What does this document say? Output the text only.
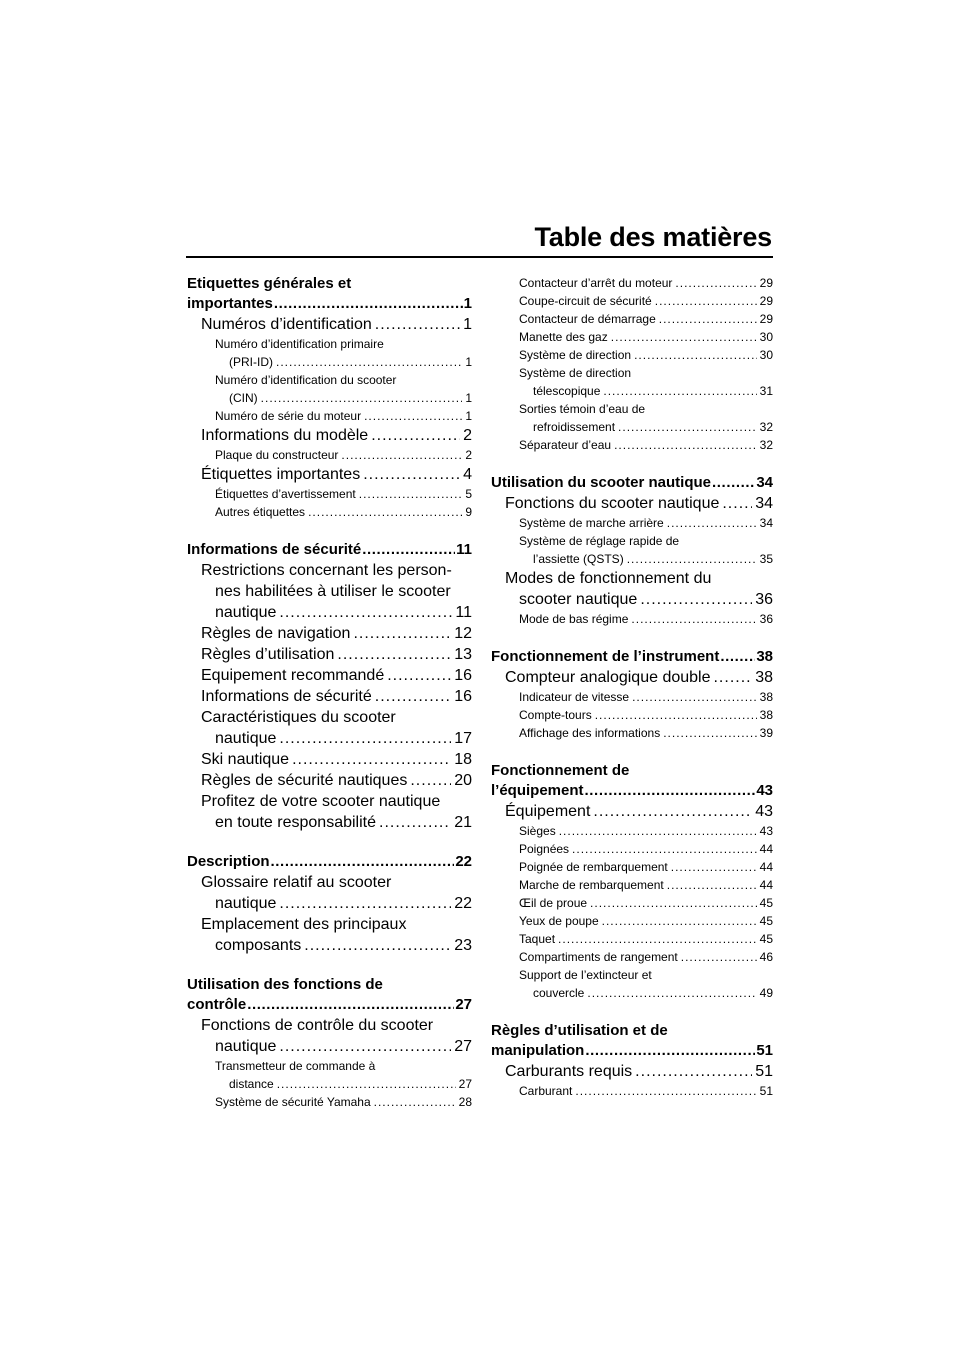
Table des matières
Etiquettes générales et
importantes .....	1
Numéros d’identification .....	1
Numéro d’identification primaire
(PRI-ID) .....	1
Numéro d’identification du scooter
(CIN) .....	1
Numéro de série du moteur .....	1
Informations du modèle .....	2
Plaque du constructeur .....	2
Étiquettes importantes .....	4
Étiquettes d’avertissement .....	5
Autres étiquettes .....	9
Informations de sécurité .....	11
Restrictions concernant les person-
nes habilitées à utiliser le scooter
nautique .....	11
Règles de navigation .....	12
Règles d’utilisation .....	13
Equipement recommandé .....	16
Informations de sécurité .....	16
Caractéristiques du scooter
nautique .....	17
Ski nautique .....	18
Règles de sécurité nautiques .....	20
Profitez de votre scooter nautique
en toute responsabilité .....	21
Description .....	22
Glossaire relatif au scooter
nautique .....	22
Emplacement des principaux
composants .....	23
Utilisation des fonctions de
contrôle .....	27
Fonctions de contrôle du scooter
nautique .....	27
Transmetteur de commande à
distance .....	27
Système de sécurité Yamaha .....	28
Contacteur d’arrêt du moteur .....	29
Coupe-circuit de sécurité .....	29
Contacteur de démarrage .....	29
Manette des gaz .....	30
Système de direction .....	30
Système de direction
télescopique .....	31
Sorties témoin d’eau de
refroidissement .....	32
Séparateur d’eau .....	32
Utilisation du scooter nautique .....	34
Fonctions du scooter nautique ..... 34
Système de marche arrière .....	34
Système de réglage rapide de
l’assiette (QSTS) .....	35
Modes de fonctionnement du
scooter nautique .....	36
Mode de bas régime .....	36
Fonctionnement de l’instrument ..... 38
Compteur analogique double .....	38
Indicateur de vitesse .....	38
Compte-tours .....	38
Affichage des informations .....	39
Fonctionnement de
l’équipement .....	43
Équipement .....	43
Sièges .....	43
Poignées .....	44
Poignée de rembarquement .....	44
Marche de rembarquement .....	44
Œil de proue .....	45
Yeux de poupe .....	45
Taquet .....	45
Compartiments de rangement .....	46
Support de l’extincteur et
couvercle .....	49
Règles d’utilisation et de
manipulation .....	51
Carburants requis .....	51
Carburant .....	51
